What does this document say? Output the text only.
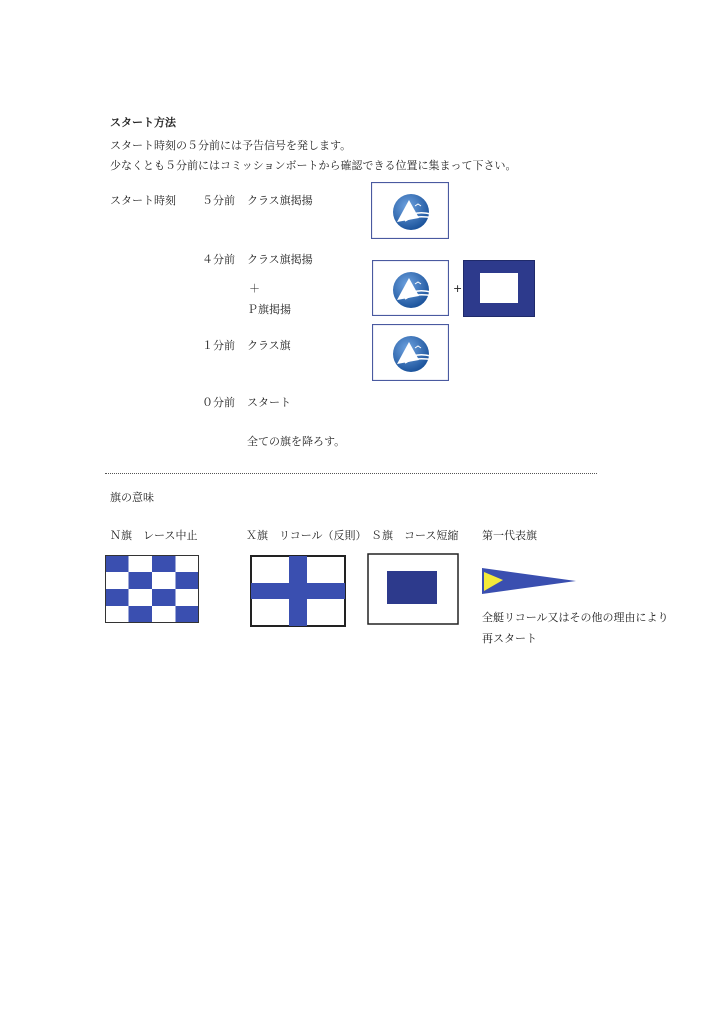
スタート方法
スタート時刻の５分前には予告信号を発します。
少なくとも５分前にはコミッションボートから確認できる位置に集まって下さい。
スタート時刻 ５分前 クラス旗掲揚
４分前 クラス旗掲揚
＋
Ｐ旗掲揚
１分前 クラス旗
０分前 スタート
全ての旗を降ろす。
+
旗の意味
Ｎ旗　レース中止	Ｘ旗　リコール（反則） Ｓ旗　コース短縮 第一代表旗
全艇リコール又はその他の理由により
再スタート
